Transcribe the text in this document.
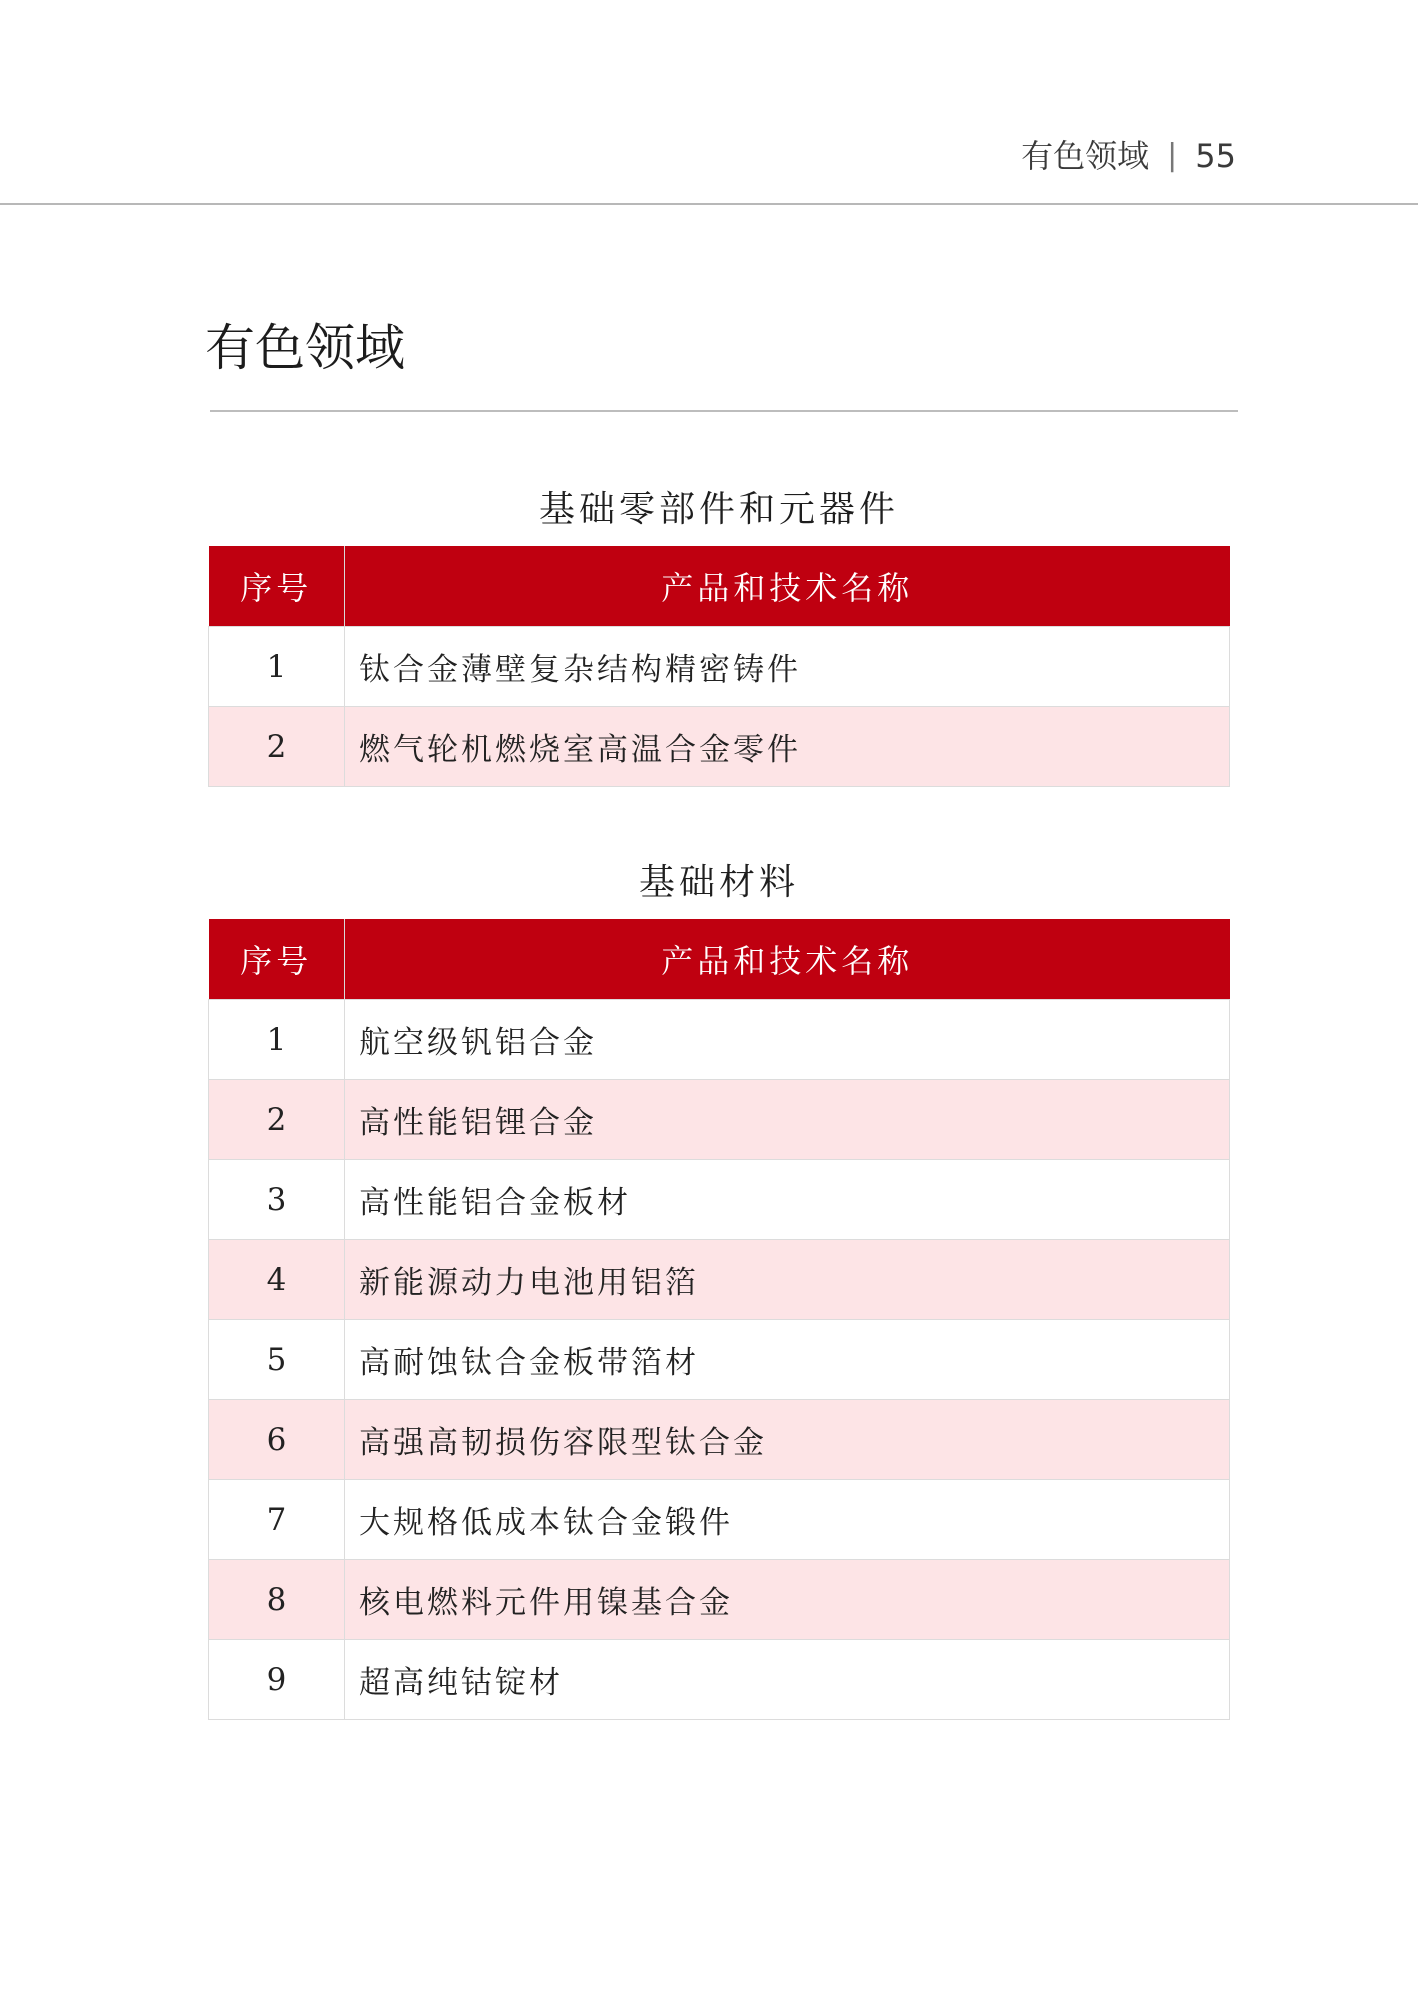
有色领域 | 55
有色领域
基础零部件和元器件
序号	产品和技术名称
1	钛合金薄壁复杂结构精密铸件
2	燃气轮机燃烧室高温合金零件
基础材料
序号	产品和技术名称
1	航空级钒铝合金
2	高性能铝锂合金
3	高性能铝合金板材
4	新能源动力电池用铝箔
5	高耐蚀钛合金板带箔材
6	高强高韧损伤容限型钛合金
7	大规格低成本钛合金锻件
8	核电燃料元件用镍基合金
9	超高纯钴锭材
